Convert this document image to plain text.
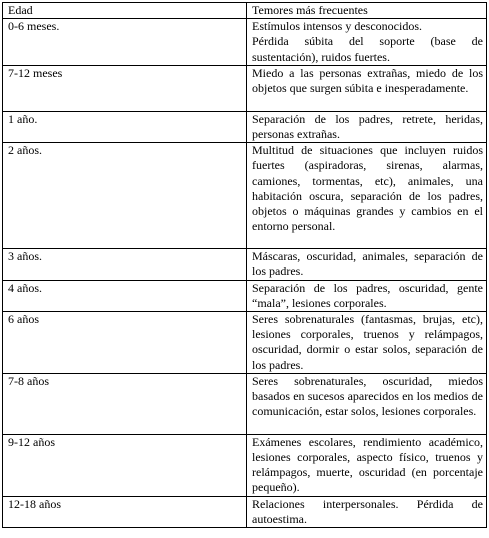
Edad	Temores más frecuentes
0-6 meses.	Estímulos intensos y desconocidos.
Pérdida súbita del soporte (base de sustentación), ruidos fuertes.

7-12 meses	Miedo a las personas extrañas, miedo de los objetos que surgen súbita e inesperadamente.

1 año.	Separación de los padres, retrete, heridas, personas extrañas.

2 años.	Multitud de situaciones que incluyen ruidos fuertes (aspiradoras, sirenas, alarmas, camiones, tormentas, etc), animales, una habitación oscura, separación de los padres, objetos o máquinas grandes y cambios en el entorno personal.

3 años.	Máscaras, oscuridad, animales, separación de los padres.

4 años.	Separación de los padres, oscuridad, gente “mala”, lesiones corporales.

6 años	Seres sobrenaturales (fantasmas, brujas, etc), lesiones corporales, truenos y relámpagos, oscuridad, dormir o estar solos, separación de los padres.

7-8 años	Seres sobrenaturales, oscuridad, miedos basados en sucesos aparecidos en los medios de comunicación, estar solos, lesiones corporales.

9-12 años	Exámenes escolares, rendimiento académico, lesiones corporales, aspecto físico, truenos y relámpagos, muerte, oscuridad (en porcentaje pequeño).

12-18 años	Relaciones interpersonales. Pérdida de autoestima.
